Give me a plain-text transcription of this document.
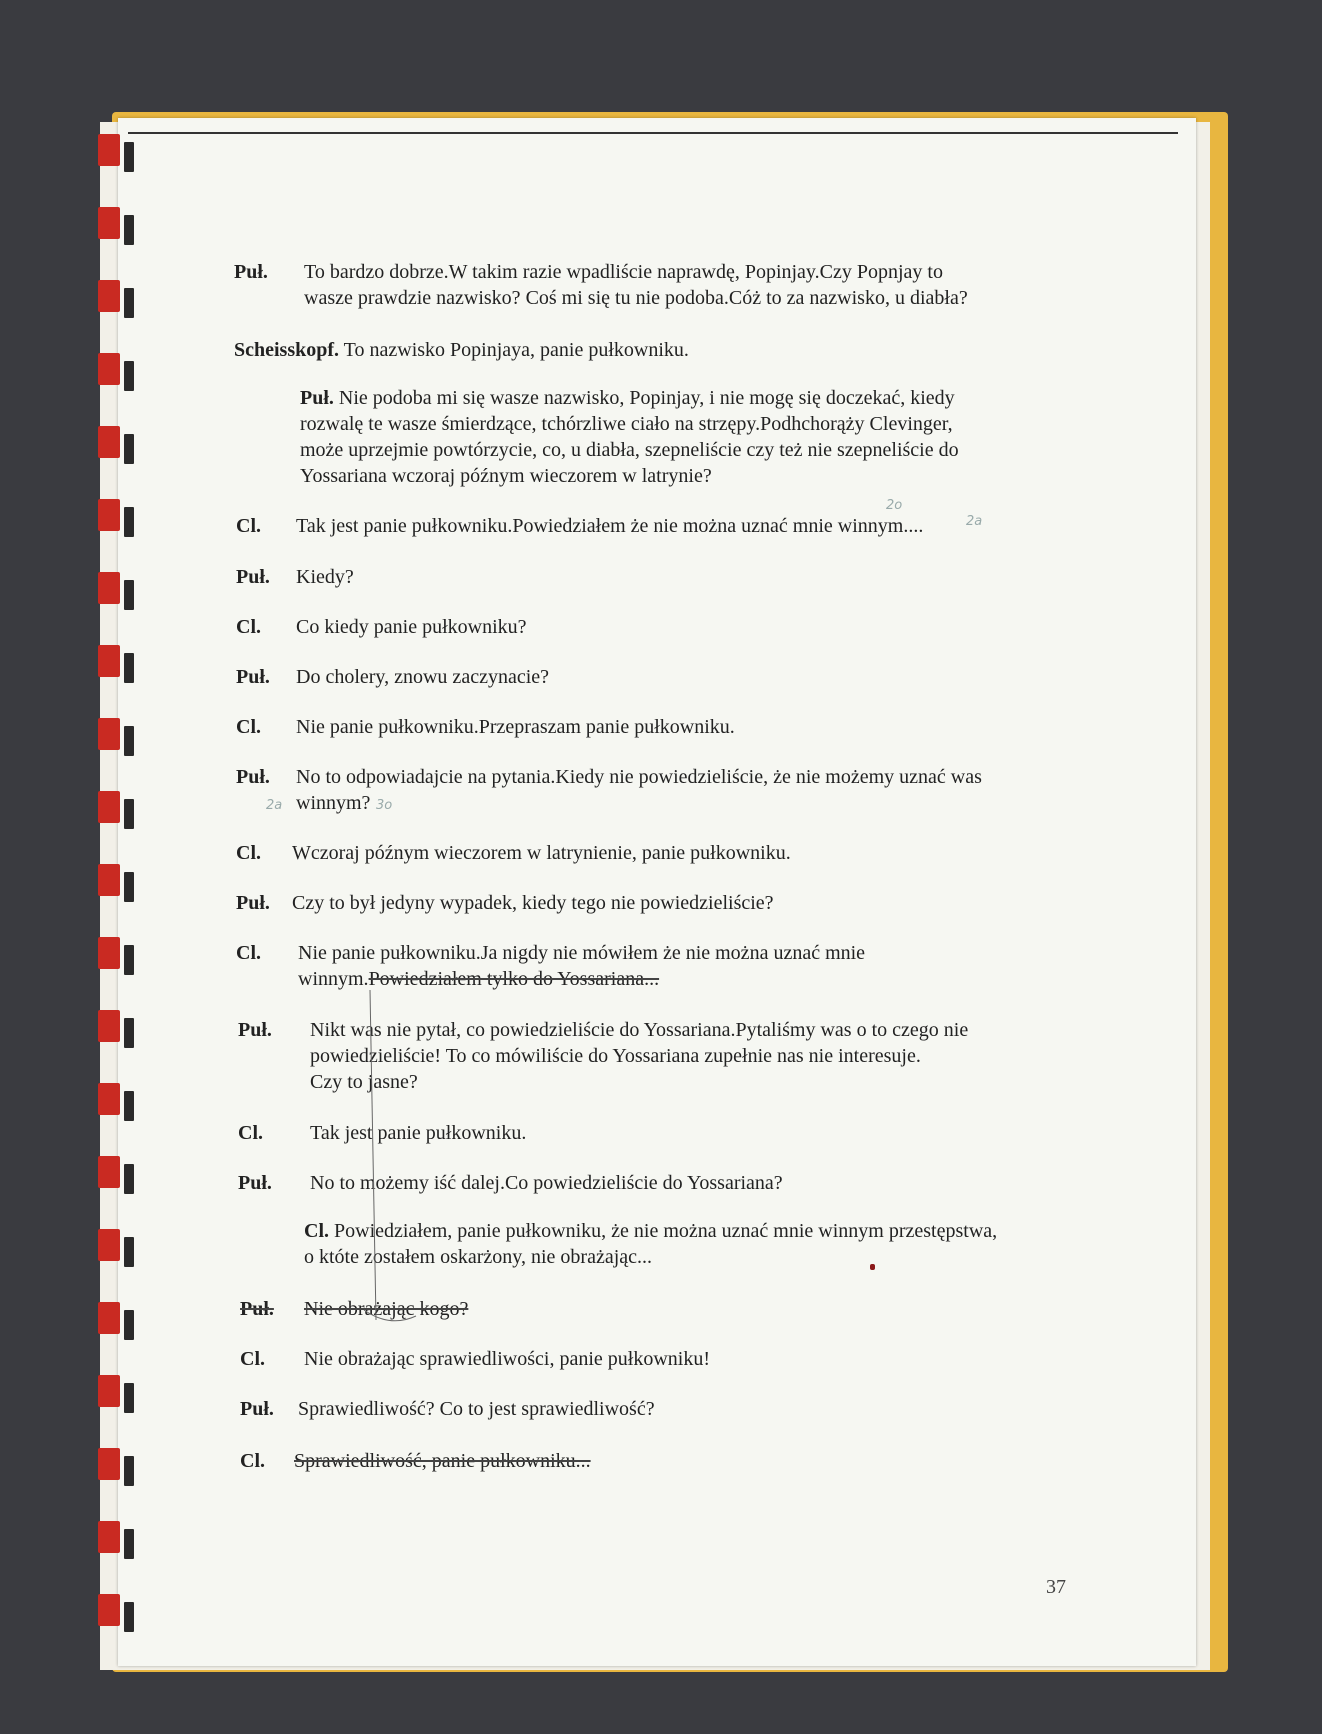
Puł. To bardzo dobrze.W takim razie wpadliście naprawdę, Popinjay.Czy Popnjay to
wasze prawdzie nazwisko? Coś mi się tu nie podoba.Cóż to za nazwisko, u diabła?
Scheisskopf. To nazwisko Popinjaya, panie pułkowniku.
Puł. Nie podoba mi się wasze nazwisko, Popinjay, i nie mogę się doczekać, kiedy
rozwalę te wasze śmierdzące, tchórzliwe ciało na strzępy.Podhchorąży Clevinger,
może uprzejmie powtórzycie, co, u diabła, szepneliście czy też nie szepneliście do
Yossariana wczoraj późnym wieczorem w latrynie?
Cl. Tak jest panie pułkowniku.Powiedziałem że nie można uznać mnie winnym....
Puł. Kiedy?
Cl. Co kiedy panie pułkowniku?
Puł. Do cholery, znowu zaczynacie?
Cl. Nie panie pułkowniku.Przepraszam panie pułkowniku.
Puł. No to odpowiadajcie na pytania.Kiedy nie powiedzieliście, że nie możemy uznać was
winnym?
Cl. Wczoraj późnym wieczorem w latrynienie, panie pułkowniku.
Puł. Czy to był jedyny wypadek, kiedy tego nie powiedzieliście?
Cl. Nie panie pułkowniku.Ja nigdy nie mówiłem że nie można uznać mnie
winnym.Powiedziałem tylko do Yossariana...
Puł. Nikt was nie pytał, co powiedzieliście do Yossariana.Pytaliśmy was o to czego nie
powiedzieliście! To co mówiliście do Yossariana zupełnie nas nie interesuje.
Czy to jasne?
Cl. Tak jest panie pułkowniku.
Puł. No to możemy iść dalej.Co powiedzieliście do Yossariana?
Cl. Powiedziałem, panie pułkowniku, że nie można uznać mnie winnym przestępstwa,
o któte zostałem oskarżony, nie obrażając...
Puł. Nie obrażając kogo?
Cl. Nie obrażając sprawiedliwości, panie pułkowniku!
Puł. Sprawiedliwość? Co to jest sprawiedliwość?
Cl. Sprawiedliwość, panie pułkowniku...
2a
2o
2a	3o
37
